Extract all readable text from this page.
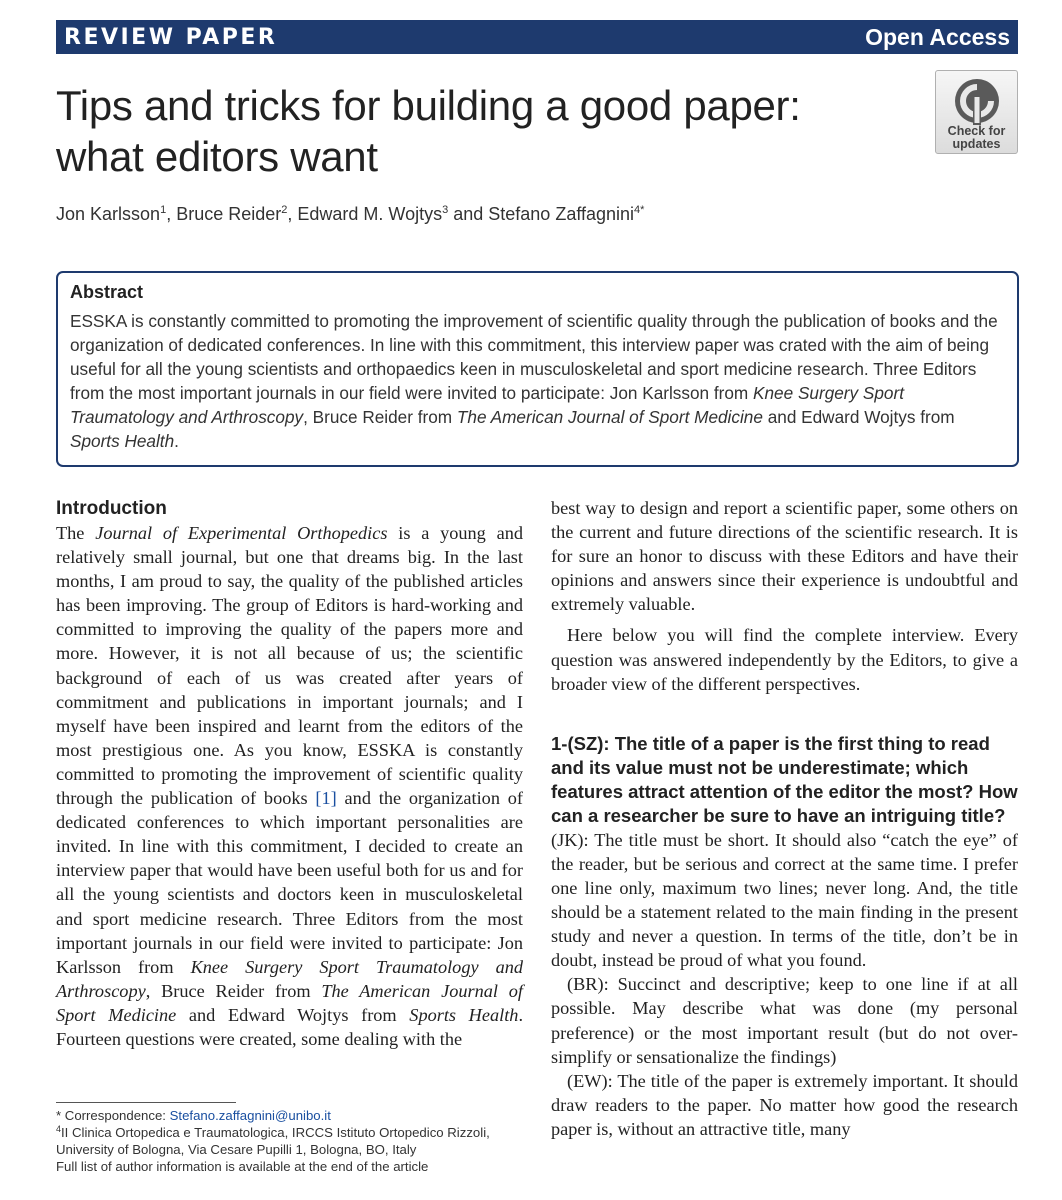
REVIEW PAPER	Open Access
Tips and tricks for building a good paper: what editors want
Check for
updates
Jon Karlsson$^1$, Bruce Reider$^2$, Edward M. Wojtys$^3$ and Stefano Zaffagnini$^{4*}$
Abstract
ESSKA is constantly committed to promoting the improvement of scientific quality through the publication of books and the organization of dedicated conferences. In line with this commitment, this interview paper was crated with the aim of being useful for all the young scientists and orthopaedics keen in musculoskeletal and sport medicine research. Three Editors from the most important journals in our field were invited to participate: Jon Karlsson from Knee Surgery Sport Traumatology and Arthroscopy, Bruce Reider from The American Journal of Sport Medicine and Edward Wojtys from Sports Health.
Introduction

The Journal of Experimental Orthopedics is a young and relatively small journal, but one that dreams big. In the last months, I am proud to say, the quality of the published articles has been improving. The group of Editors is hard-working and committed to improving the quality of the papers more and more. However, it is not all because of us; the scientific background of each of us was created after years of commitment and publications in important journals; and I myself have been inspired and learnt from the editors of the most prestigious one. As you know, ESSKA is constantly committed to promoting the improvement of scientific quality through the publication of books [1] and the organization of dedicated conferences to which important personalities are invited. In line with this commitment, I decided to create an interview paper that would have been useful both for us and for all the young scientists and doctors keen in musculoskeletal and sport medicine research. Three Editors from the most important journals in our field were invited to participate: Jon Karlsson from Knee Surgery Sport Traumatology and Arthroscopy, Bruce Reider from The American Journal of Sport Medicine and Edward Wojtys from Sports Health. Fourteen questions were created, some dealing with the

best way to design and report a scientific paper, some others on the current and future directions of the scientific research. It is for sure an honor to discuss with these Editors and have their opinions and answers since their experience is undoubtful and extremely valuable.

Here below you will find the complete interview. Every question was answered independently by the Editors, to give a broader view of the different perspectives.

1-(SZ): The title of a paper is the first thing to read and its value must not be underestimate; which features attract attention of the editor the most? How can a researcher be sure to have an intriguing title?

(JK): The title must be short. It should also “catch the eye” of the reader, but be serious and correct at the same time. I prefer one line only, maximum two lines; never long. And, the title should be a statement related to the main finding in the present study and never a question. In terms of the title, don’t be in doubt, instead be proud of what you found.

(BR): Succinct and descriptive; keep to one line if at all possible. May describe what was done (my personal preference) or the most important result (but do not over-simplify or sensationalize the findings)

(EW): The title of the paper is extremely important. It should draw readers to the paper. No matter how good the research paper is, without an attractive title, many

* Correspondence: Stefano.zaffagnini@unibo.it
$^4$II Clinica Ortopedica e Traumatologica, IRCCS Istituto Ortopedico Rizzoli, University of Bologna, Via Cesare Pupilli 1, Bologna, BO, Italy
Full list of author information is available at the end of the article
